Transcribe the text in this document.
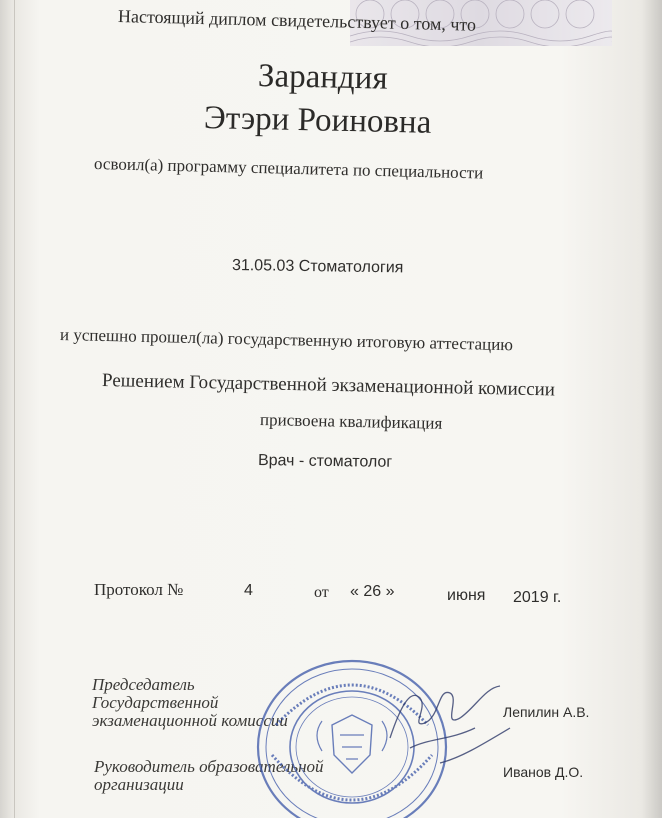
Настоящий диплом свидетельствует о том, что
Зарандия
Этэри Роиновна
освоил(а) программу специалитета по специальности
31.05.03 Стоматология
и успешно прошел(ла) государственную итоговую аттестацию
Решением Государственной экзаменационной комиссии
присвоена квалификация
Врач - стоматолог
Протокол №	4	от « 26 »	июня 2019 г.
Председатель
Государственной
экзаменационной комиссии	Лепилин А.В.
Руководитель образовательной
организации
Иванов Д.О.
